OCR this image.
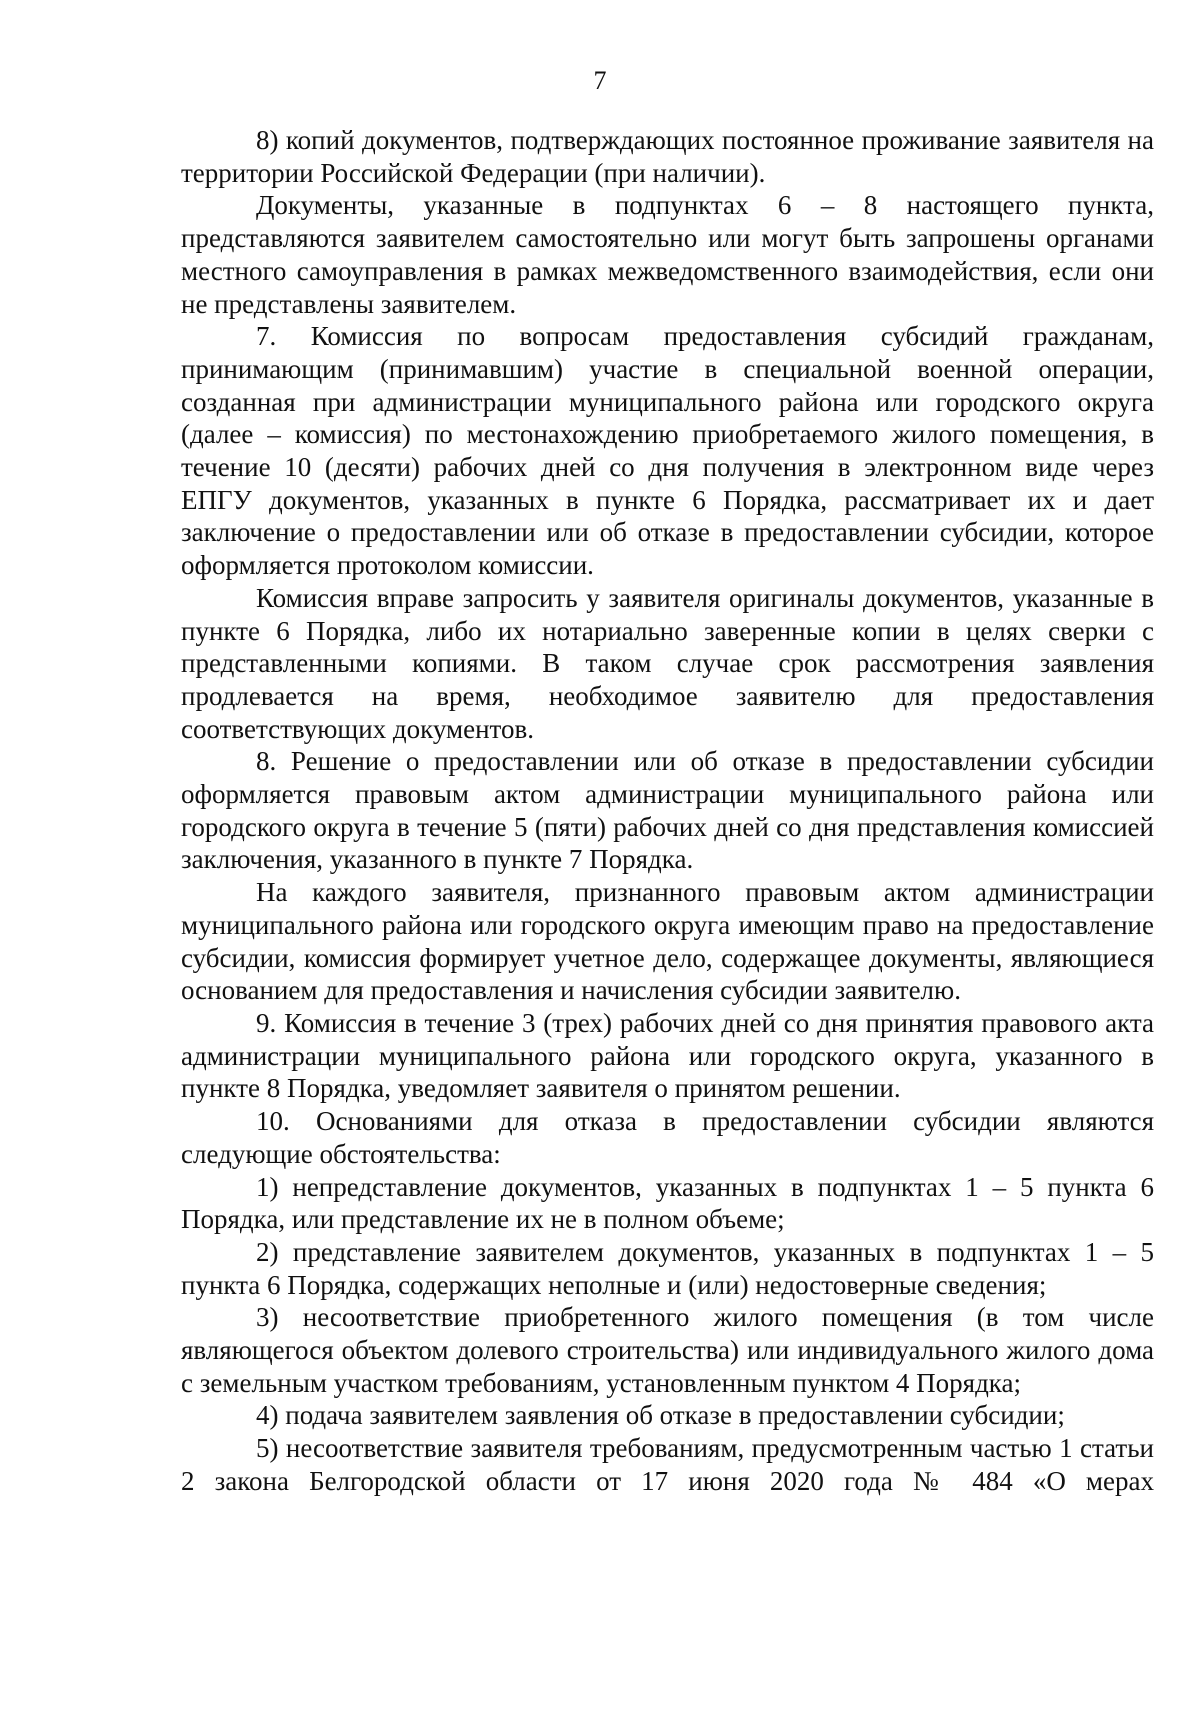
7

8) копий документов, подтверждающих постоянное проживание заявителя на территории Российской Федерации (при наличии).

Документы, указанные в подпунктах 6 – 8 настоящего пункта, представляются заявителем самостоятельно или могут быть запрошены органами местного самоуправления в рамках межведомственного взаимодействия, если они не представлены заявителем.

7. Комиссия по вопросам предоставления субсидий гражданам, принимающим (принимавшим) участие в специальной военной операции, созданная при администрации муниципального района или городского округа (далее – комиссия) по местонахождению приобретаемого жилого помещения, в течение 10 (десяти) рабочих дней со дня получения в электронном виде через ЕПГУ документов, указанных в пункте 6 Порядка, рассматривает их и дает заключение о предоставлении или об отказе в предоставлении субсидии, которое оформляется протоколом комиссии.

Комиссия вправе запросить у заявителя оригиналы документов, указанные в пункте 6 Порядка, либо их нотариально заверенные копии в целях сверки с представленными копиями. В таком случае срок рассмотрения заявления продлевается на время, необходимое заявителю для предоставления соответствующих документов.

8. Решение о предоставлении или об отказе в предоставлении субсидии оформляется правовым актом администрации муниципального района или городского округа в течение 5 (пяти) рабочих дней со дня представления комиссией заключения, указанного в пункте 7 Порядка.

На каждого заявителя, признанного правовым актом администрации муниципального района или городского округа имеющим право на предоставление субсидии, комиссия формирует учетное дело, содержащее документы, являющиеся основанием для предоставления и начисления субсидии заявителю.

9. Комиссия в течение 3 (трех) рабочих дней со дня принятия правового акта администрации муниципального района или городского округа, указанного в пункте 8 Порядка, уведомляет заявителя о принятом решении.

10. Основаниями для отказа в предоставлении субсидии являются следующие обстоятельства:

1) непредставление документов, указанных в подпунктах 1 – 5 пункта 6 Порядка, или представление их не в полном объеме;

2) представление заявителем документов, указанных в подпунктах 1 – 5 пункта 6 Порядка, содержащих неполные и (или) недостоверные сведения;

3) несоответствие приобретенного жилого помещения (в том числе являющегося объектом долевого строительства) или индивидуального жилого дома с земельным участком требованиям, установленным пунктом 4 Порядка;

4) подача заявителем заявления об отказе в предоставлении субсидии;

5) несоответствие заявителя требованиям, предусмотренным частью 1 статьи 2 закона Белгородской области от 17 июня 2020 года № 484 «О мерах
